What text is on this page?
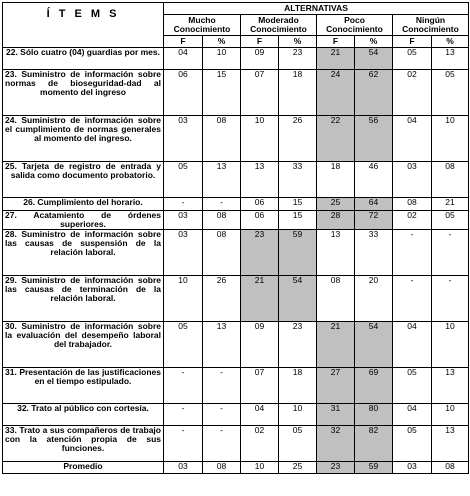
Í T E M S	ALTERNATIVAS							
	Mucho Conocimiento		Moderado Conocimiento		Poco Conocimiento		Ningún Conocimiento	
	F	%	F	%	F	%	F	%
22. Sólo cuatro (04) guardias por mes.	04	10	09	23	21	54	05	13
23. Suministro de información sobre normas de bioseguridad-dad al momento del ingreso	06	15	07	18	24	62	02	05
24. Suministro de información sobre el cumplimiento de normas generales al momento del ingreso.	03	08	10	26	22	56	04	10
25. Tarjeta de registro de entrada y salida como documento probatorio.	05	13	13	33	18	46	03	08
26. Cumplimiento del horario.	-	-	06	15	25	64	08	21
27. Acatamiento de órdenes superiores.	03	08	06	15	28	72	02	05
28. Suministro de información sobre las causas de suspensión de la relación laboral.	03	08	23	59	13	33	-	-
29. Suministro de información sobre las causas de terminación de la relación laboral.	10	26	21	54	08	20	-	-
30. Suministro de información sobre la evaluación del desempeño laboral del trabajador.	05	13	09	23	21	54	04	10
31. Presentación de las justificaciones en el tiempo estipulado.	-	-	07	18	27	69	05	13
32. Trato al público con cortesía.	-	-	04	10	31	80	04	10
33. Trato a sus compañeros de trabajo con la atención propia de sus funciones.	-	-	02	05	32	82	05	13
Promedio	03	08	10	25	23	59	03	08
